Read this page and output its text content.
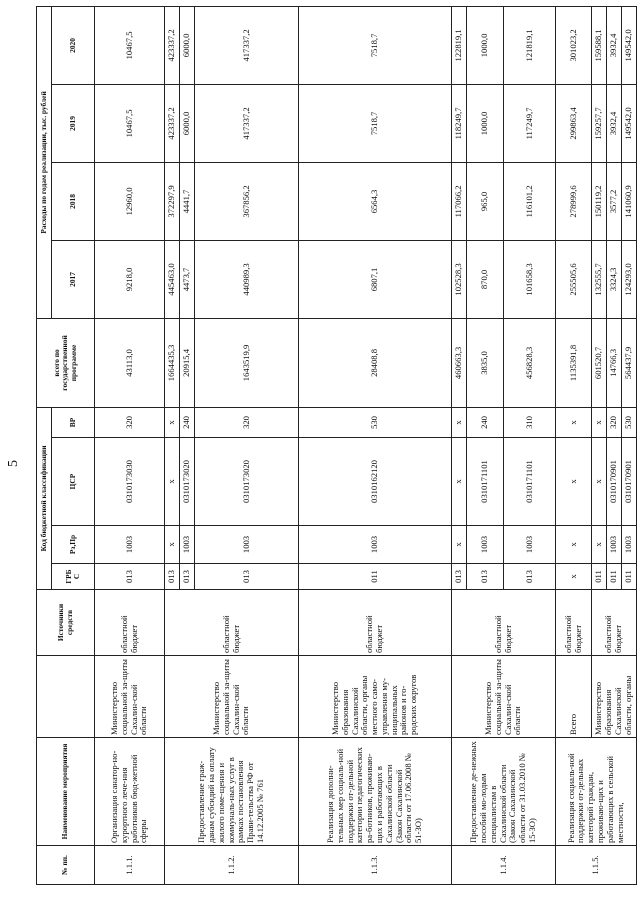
5
№ пп.	Наименование мероприятия		Источники средств	Код бюджетной классификации				всего по государственной программе	Расходы по годам реализации, тыс. рублей			
				ГРБ С	Рз,Пр	ЦСР	ВР		2017	2018	2019	2020
1.1.1.	Организация санатор-но-курортного лече-ния работников бюд-жетной сферы	Министерство социальной за-щиты Сахалин-ской области	областной бюджет	013	1003	0310173030	320	43113,0	9218,0	12960,0	10467,5	10467,5
1.1.2.	Предоставление граж-данам субсидий на оплату жилого поме-щения и коммуналь-ных услуг в рамках постановления Прави-тельства РФ от 14.12.2005 № 761	Министерство социальной за-щиты Сахалин-ской области	областной бюджет	013	х	х	х	1664435,3	445463,0	372297,9	423337,2	423337,2
				013	1003	0310173020	240	20915,4	4473,7	4441,7	6000,0	6000,0
				013	1003	0310173020	320	1643519,9	440989,3	367856,2	417337,2	417337,2
1.1.3.	Реализация дополни-тельных мер социаль-ной поддержки от-дельной категории педагогических ра-ботников, проживаю-щих и работающих в Сахалинской области (Закон Сахалинской области от 17.06.2008 № 51-ЗО)	Министерство образования Сахалинской области, органы местного само-управления му-ниципальных районов и го-родских округов	областной бюджет	011	1003	0310162120	530	28408,8	6807,1	6564,3	7518,7	7518,7
1.1.4.	Предоставление де-нежных пособий мо-лодым специалистам в Сахалинской области (Закон Сахалинской области от 31.03.2010 № 15-ЗО)	Министерство социальной за-щиты Сахалин-ской области	областной бюджет	013	х	х	х	460663,3	102528,3	117066,2	118249,7	122819,1
				013	1003	0310171101	240	3835,0	870,0	965,0	1000,0	1000,0
				013	1003	0310171101	310	456828,3	101658,3	116101,2	117249,7	121819,1
1.1.5.	Реализация социаль-ной поддержки от-дельных категорий граждан, проживаю-щих и работающих в сельской местности,	Всего	областной бюджет	х	х	х	х	1135391,8	255505,6	278999,6	299863,4	301023,2
		Министерство образования Сахалинской области, органы	областной бюджет	011	х	х	х	601520,7	132555,7	150119,2	159257,7	159588,1
				011	1003	0310170901	320	14766,3	3324,3	3577,2	3932,4	3932,4
				011	1003	0310170901	530	564437,9	124293,0	141060,9	149542,0	149542,0
